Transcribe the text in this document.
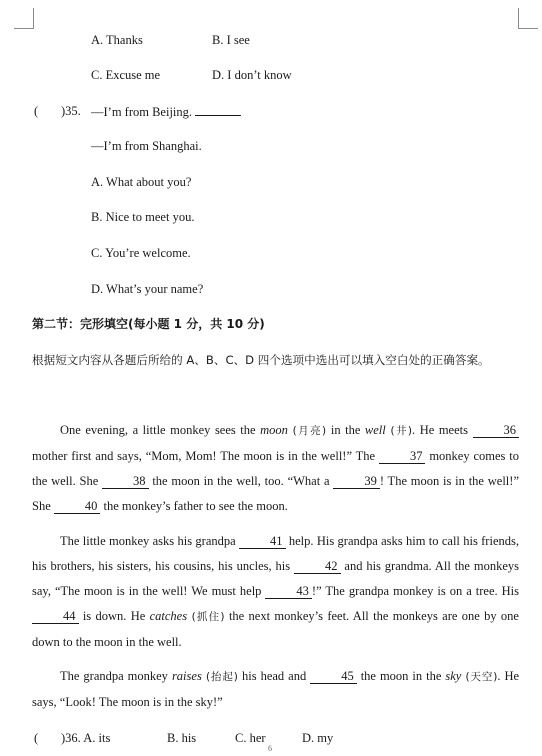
A. Thanks	B. I see
C. Excuse me	D. I don’t know
( )35. —I’m from Beijing.
—I’m from Shanghai.
A. What about you?
B. Nice to meet you.
C. You’re welcome.
D. What’s your name?
第二节：完形填空(每小题 1 分，共 10 分)
根据短文内容从各题后所给的 A、B、C、D 四个选项中选出可以填入空白处的正确答案。
One evening, a little monkey sees the moon (月亮) in the well (井). He meets 36 mother first and says, “Mom, Mom! The moon is in the well!” The 37 monkey comes to the well. She 38 the moon in the well, too. “What a 39 ! The moon is in the well!” She 40 the monkey’s father to see the moon.
The little monkey asks his grandpa 41 help. His grandpa asks him to call his friends, his brothers, his sisters, his cousins, his uncles, his 42 and his grandma. All the monkeys say, “The moon is in the well! We must help 43 !” The grandpa monkey is on a tree. His 44 is down. He catches (抓住) the next monkey’s feet. All the monkeys are one by one down to the moon in the well.
The grandpa monkey raises (抬起) his head and 45 the moon in the sky (天空). He says, “Look! The moon is in the sky!”
( )36. A. its	B. his	C. her	D. my
6
